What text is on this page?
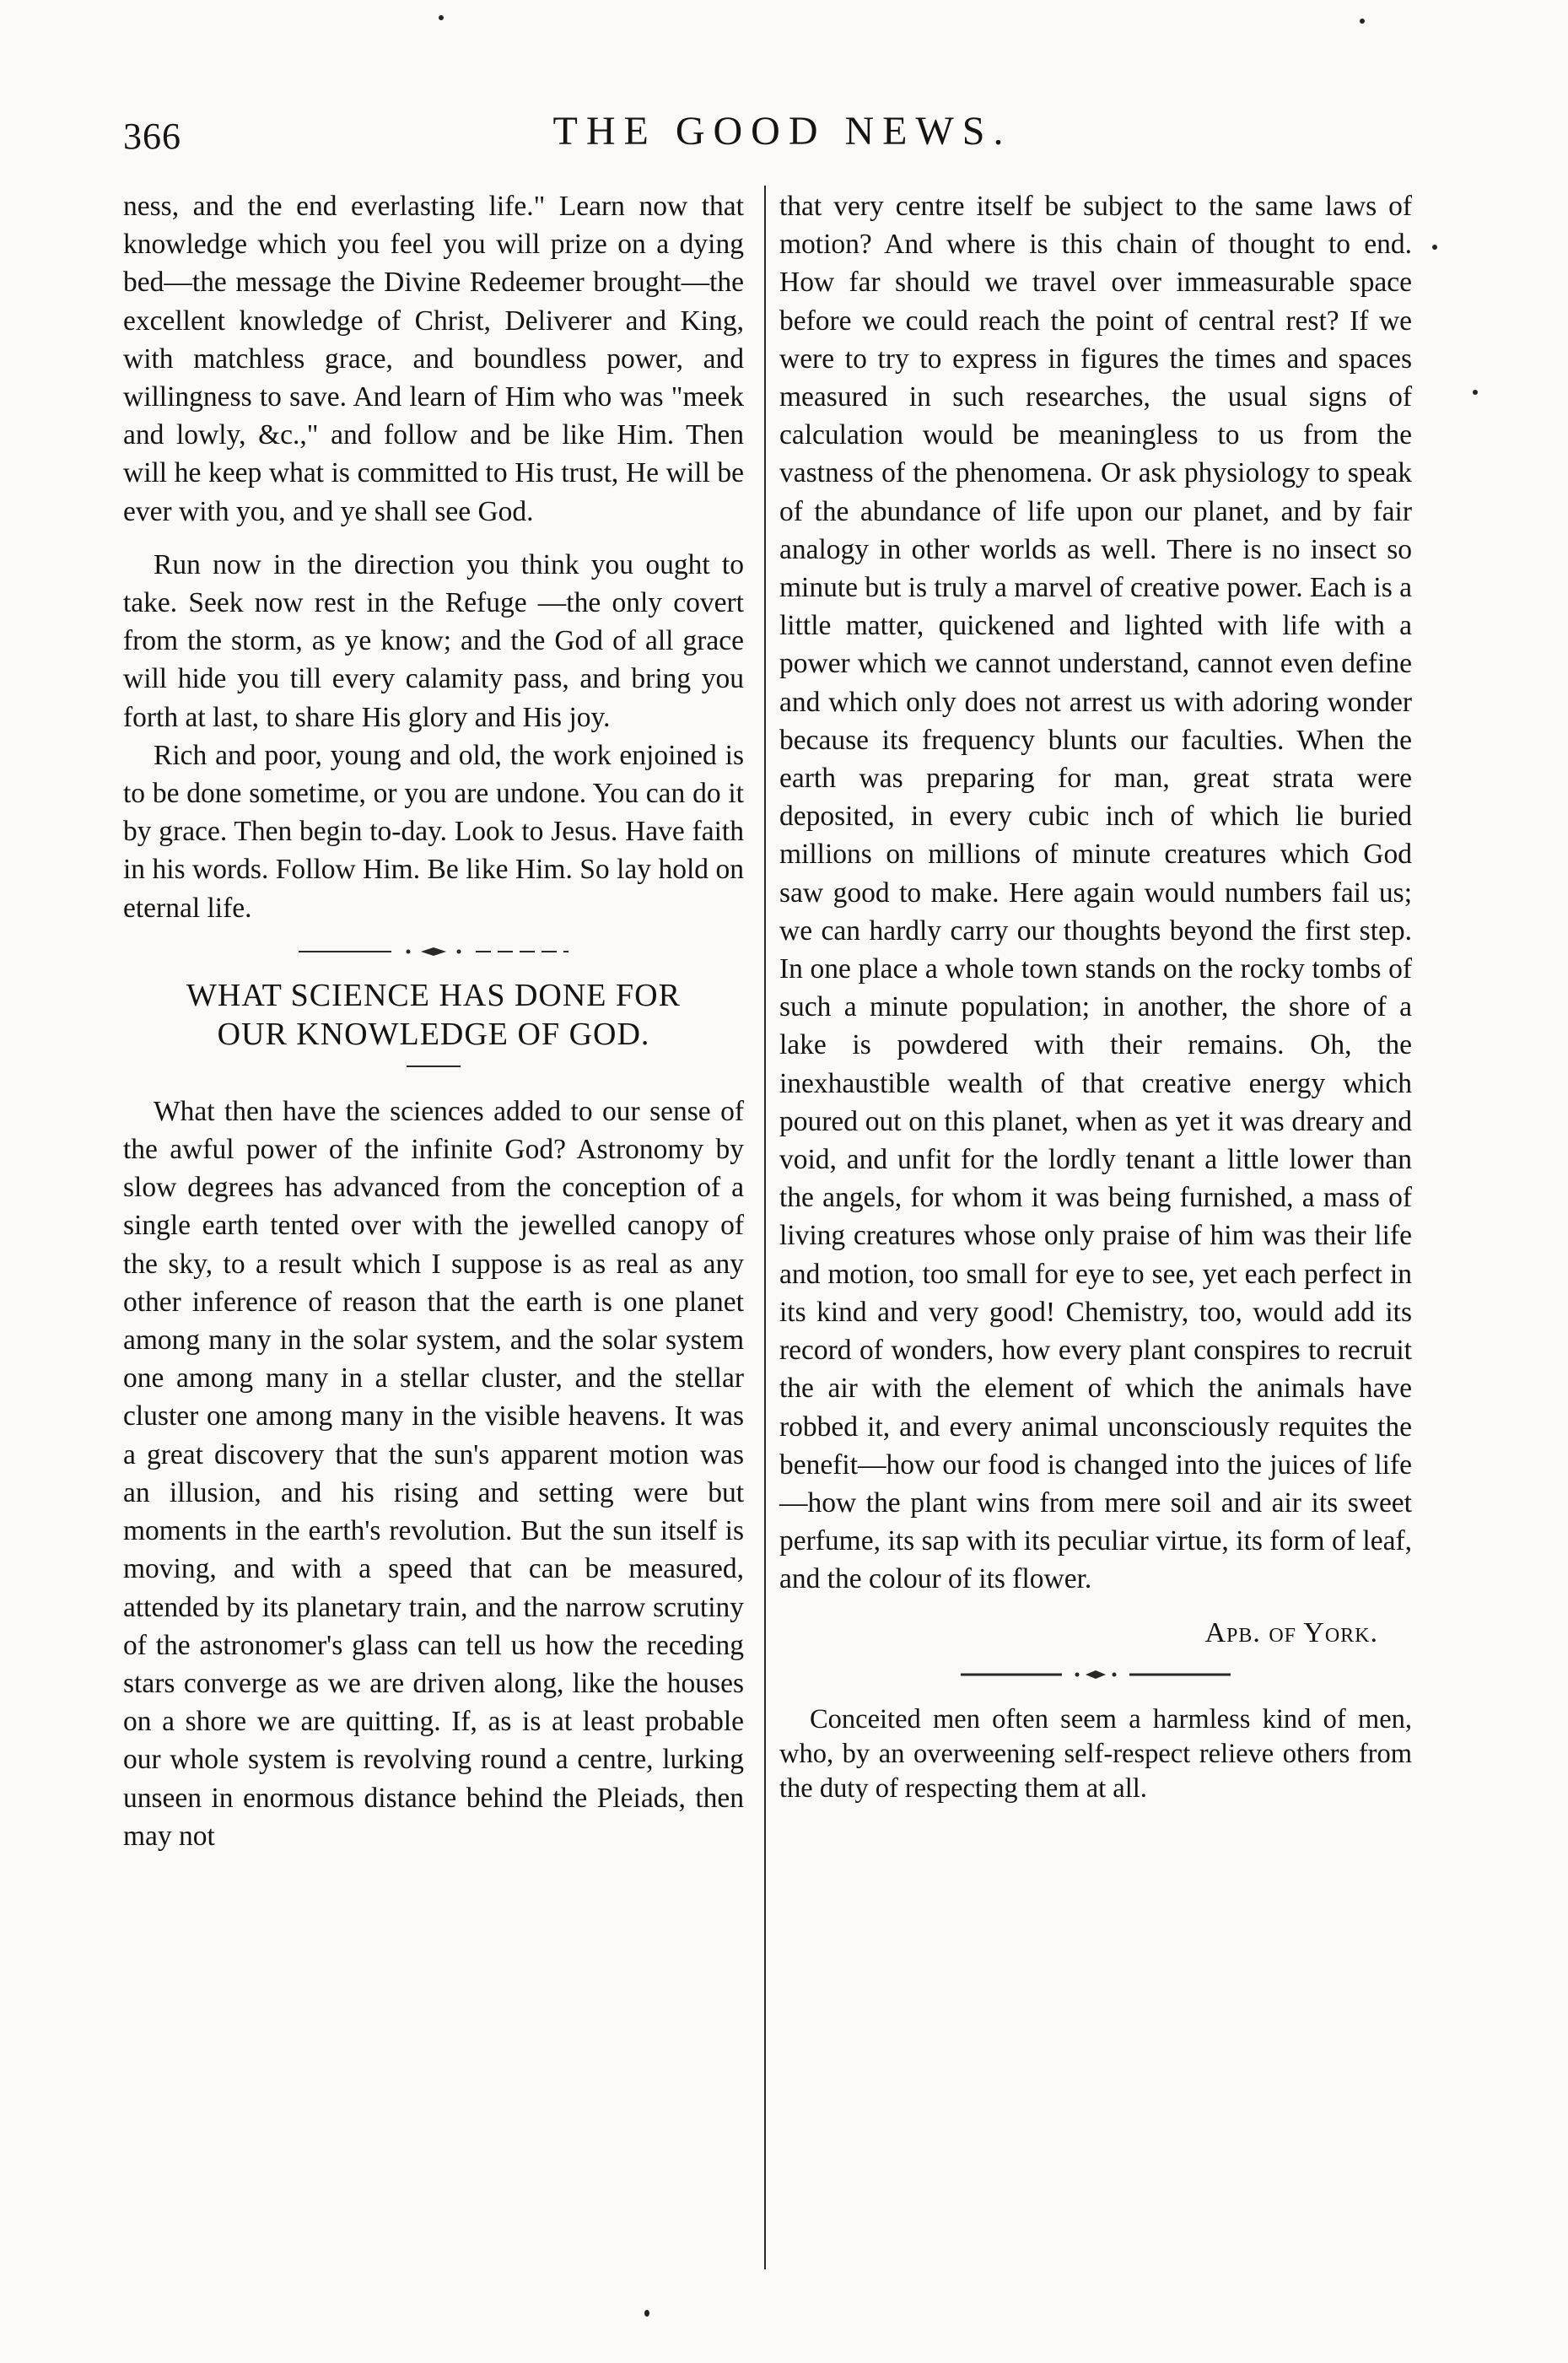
366	THE GOOD NEWS.

ness, and the end everlasting life." Learn now that knowledge which you feel you will prize on a dying bed—the message the Divine Redeemer brought—the excellent knowledge of Christ, Deliverer and King, with matchless grace, and boundless power, and willingness to save. And learn of Him who was "meek and lowly, &c.," and follow and be like Him. Then will he keep what is committed to His trust, He will be ever with you, and ye shall see God.

Run now in the direction you think you ought to take. Seek now rest in the Refuge —the only covert from the storm, as ye know; and the God of all grace will hide you till every calamity pass, and bring you forth at last, to share His glory and His joy.

Rich and poor, young and old, the work enjoined is to be done sometime, or you are undone. You can do it by grace. Then begin to-day. Look to Jesus. Have faith in his words. Follow Him. Be like Him. So lay hold on eternal life.

WHAT SCIENCE HAS DONE FOR
OUR KNOWLEDGE OF GOD.

What then have the sciences added to our sense of the awful power of the infinite God? Astronomy by slow degrees has advanced from the conception of a single earth tented over with the jewelled canopy of the sky, to a result which I suppose is as real as any other inference of reason that the earth is one planet among many in the solar system, and the solar system one among many in a stellar cluster, and the stellar cluster one among many in the visible heavens. It was a great discovery that the sun's apparent motion was an illusion, and his rising and setting were but moments in the earth's revolution. But the sun itself is moving, and with a speed that can be measured, attended by its planetary train, and the narrow scrutiny of the astronomer's glass can tell us how the receding stars converge as we are driven along, like the houses on a shore we are quitting. If, as is at least probable our whole system is revolving round a centre, lurking unseen in enormous distance behind the Pleiads, then may not

that very centre itself be subject to the same laws of motion? And where is this chain of thought to end. How far should we travel over immeasurable space before we could reach the point of central rest? If we were to try to express in figures the times and spaces measured in such researches, the usual signs of calculation would be meaningless to us from the vastness of the phenomena. Or ask physiology to speak of the abundance of life upon our planet, and by fair analogy in other worlds as well. There is no insect so minute but is truly a marvel of creative power. Each is a little matter, quickened and lighted with life with a power which we cannot understand, cannot even define and which only does not arrest us with adoring wonder because its frequency blunts our faculties. When the earth was preparing for man, great strata were deposited, in every cubic inch of which lie buried millions on millions of minute creatures which God saw good to make. Here again would numbers fail us; we can hardly carry our thoughts beyond the first step. In one place a whole town stands on the rocky tombs of such a minute population; in another, the shore of a lake is powdered with their remains. Oh, the inexhaustible wealth of that creative energy which poured out on this planet, when as yet it was dreary and void, and unfit for the lordly tenant a little lower than the angels, for whom it was being furnished, a mass of living creatures whose only praise of him was their life and motion, too small for eye to see, yet each perfect in its kind and very good! Chemistry, too, would add its record of wonders, how every plant conspires to recruit the air with the element of which the animals have robbed it, and every animal unconsciously requites the benefit—how our food is changed into the juices of life—how the plant wins from mere soil and air its sweet perfume, its sap with its peculiar virtue, its form of leaf, and the colour of its flower.

Apb. of York.

Conceited men often seem a harmless kind of men, who, by an overweening self-respect relieve others from the duty of respecting them at all.
